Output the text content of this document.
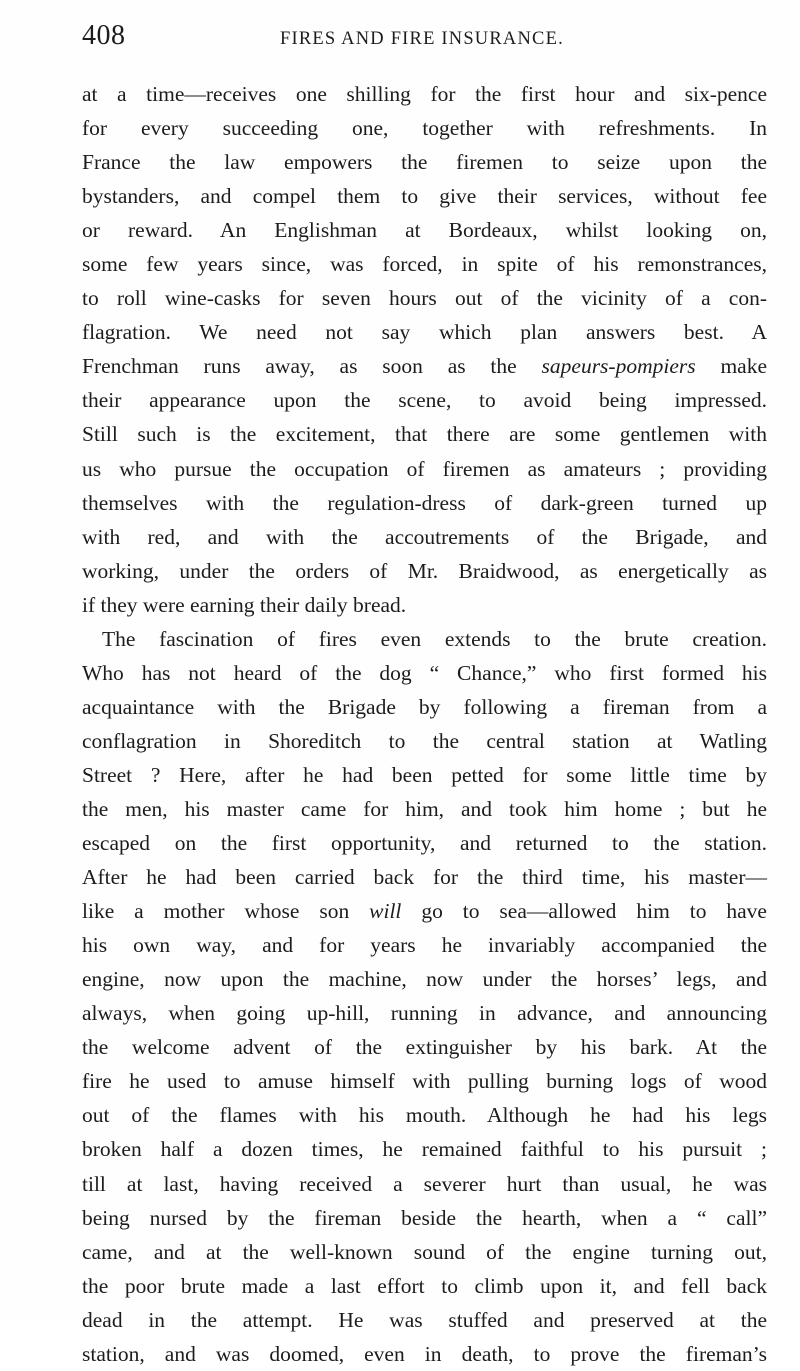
408	FIRES AND FIRE INSURANCE.
at a time—receives one shilling for the first hour and six-pence
for every succeeding one, together with refreshments. In
France the law empowers the firemen to seize upon the
bystanders, and compel them to give their services, without fee
or reward. An Englishman at Bordeaux, whilst looking on,
some few years since, was forced, in spite of his remonstrances,
to roll wine-casks for seven hours out of the vicinity of a con-
flagration. We need not say which plan answers best. A
Frenchman runs away, as soon as the sapeurs-pompiers make
their appearance upon the scene, to avoid being impressed.
Still such is the excitement, that there are some gentlemen with
us who pursue the occupation of firemen as amateurs ; providing
themselves with the regulation-dress of dark-green turned up
with red, and with the accoutrements of the Brigade, and
working, under the orders of Mr. Braidwood, as energetically as
if they were earning their daily bread.
The fascination of fires even extends to the brute creation.
Who has not heard of the dog “ Chance,” who first formed his
acquaintance with the Brigade by following a fireman from a
conflagration in Shoreditch to the central station at Watling
Street ? Here, after he had been petted for some little time by
the men, his master came for him, and took him home ; but he
escaped on the first opportunity, and returned to the station.
After he had been carried back for the third time, his master—
like a mother whose son will go to sea—allowed him to have
his own way, and for years he invariably accompanied the
engine, now upon the machine, now under the horses’ legs, and
always, when going up-hill, running in advance, and announcing
the welcome advent of the extinguisher by his bark. At the
fire he used to amuse himself with pulling burning logs of wood
out of the flames with his mouth. Although he had his legs
broken half a dozen times, he remained faithful to his pursuit ;
till at last, having received a severer hurt than usual, he was
being nursed by the fireman beside the hearth, when a “ call”
came, and at the well-known sound of the engine turning out,
the poor brute made a last effort to climb upon it, and fell back
dead in the attempt. He was stuffed and preserved at the
station, and was doomed, even in death, to prove the fireman’s
